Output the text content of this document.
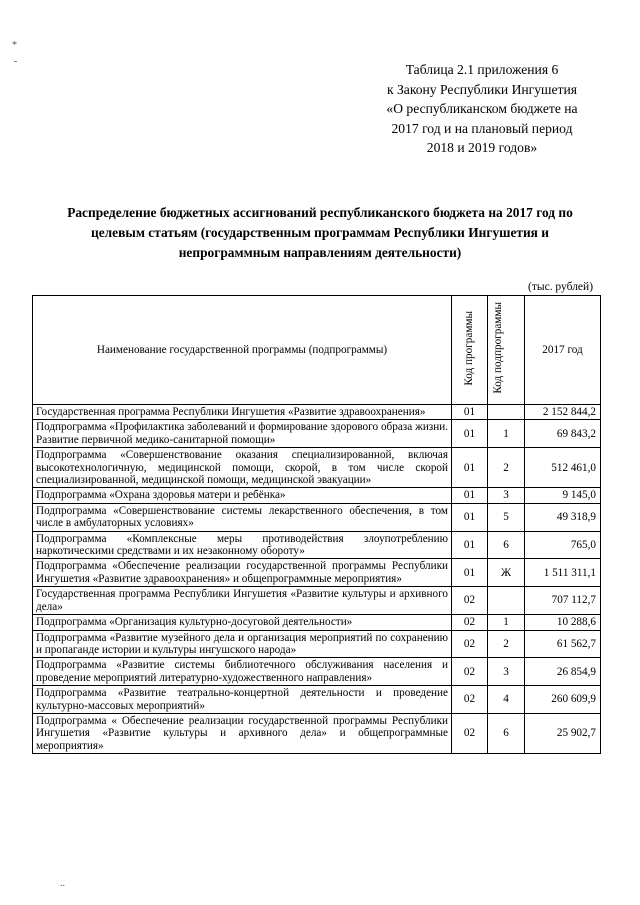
*
-
..
Таблица 2.1 приложения 6
к Закону Республики Ингушетия
«О республиканском бюджете на
2017 год и на плановый период
2018 и 2019 годов»
Распределение бюджетных ассигнований республиканского бюджета на 2017 год по целевым статьям (государственным программам Республики Ингушетия и непрограммным направлениям деятельности)
(тыс. рублей)
Наименование государственной программы (подпрограммы)	Код программы	Код подпрограммы	2017 год
Государственная программа Республики Ингушетия «Развитие здравоохранения»	01		2 152 844,2
Подпрограмма «Профилактика заболеваний и формирование здорового образа жизни. Развитие первичной медико-санитарной помощи»	01	1	69 843,2
Подпрограмма «Совершенствование оказания специализированной, включая высокотехнологичную, медицинской помощи, скорой, в том числе скорой специализированной, медицинской помощи, медицинской эвакуации»	01	2	512 461,0
Подпрограмма «Охрана здоровья матери и ребёнка»	01	3	9 145,0
Подпрограмма «Совершенствование системы лекарственного обеспечения, в том числе в амбулаторных условиях»	01	5	49 318,9
Подпрограмма «Комплексные меры противодействия злоупотреблению наркотическими средствами и их незаконному обороту»	01	6	765,0
Подпрограмма «Обеспечение реализации государственной программы Республики Ингушетия «Развитие здравоохранения» и общепрограммные мероприятия»	01	Ж	1 511 311,1
Государственная программа Республики Ингушетия «Развитие культуры и архивного дела»	02		707 112,7
Подпрограмма «Организация культурно-досуговой деятельности»	02	1	10 288,6
Подпрограмма «Развитие музейного дела и организация мероприятий по сохранению и пропаганде истории и культуры ингушского народа»	02	2	61 562,7
Подпрограмма «Развитие системы библиотечного обслуживания населения и проведение мероприятий литературно-художественного направления»	02	3	26 854,9
Подпрограмма «Развитие театрально-концертной деятельности и проведение культурно-массовых мероприятий»	02	4	260 609,9
Подпрограмма « Обеспечение реализации государственной программы Республики Ингушетия «Развитие культуры и архивного дела» и общепрограммные мероприятия»	02	6	25 902,7
